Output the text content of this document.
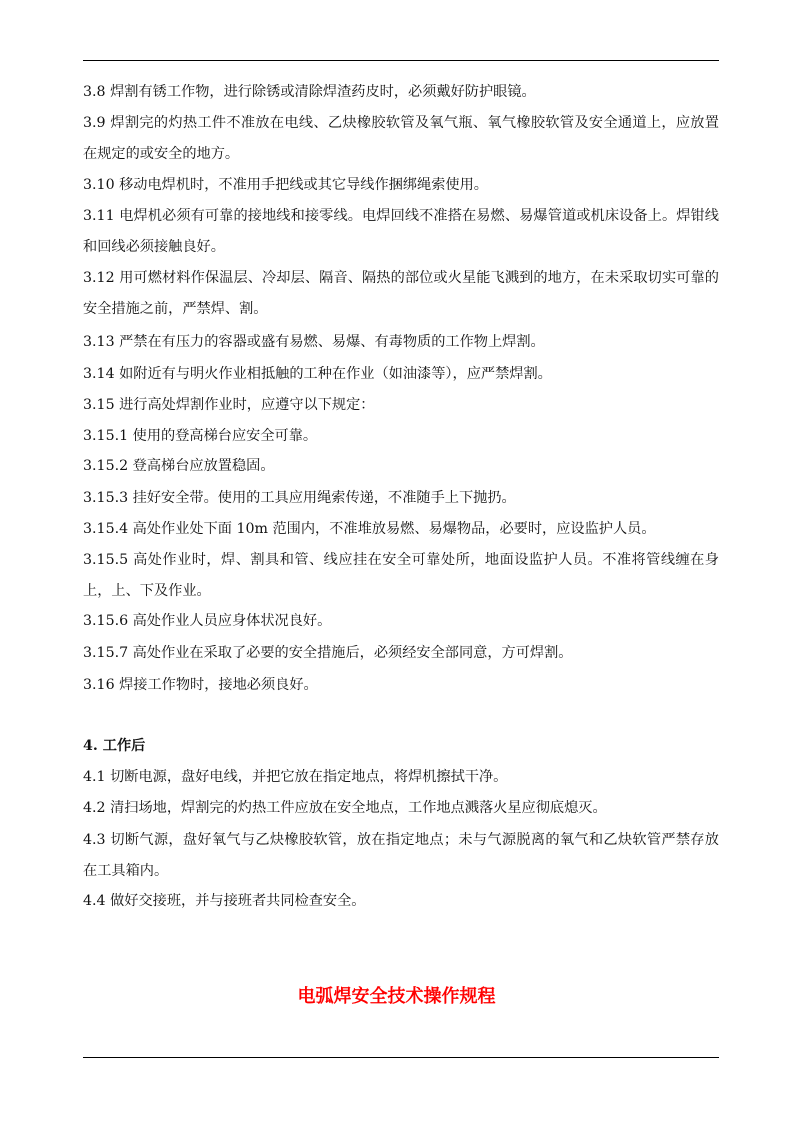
3.8 焊割有锈工作物，进行除锈或清除焊渣药皮时，必须戴好防护眼镜。
3.9 焊割完的灼热工件不准放在电线、乙炔橡胶软管及氧气瓶、氧气橡胶软管及安全通道上，应放置在规定的或安全的地方。
3.10 移动电焊机时，不准用手把线或其它导线作捆绑绳索使用。
3.11 电焊机必须有可靠的接地线和接零线。电焊回线不准搭在易燃、易爆管道或机床设备上。焊钳线和回线必须接触良好。
3.12 用可燃材料作保温层、冷却层、隔音、隔热的部位或火星能飞溅到的地方，在未采取切实可靠的安全措施之前，严禁焊、割。
3.13 严禁在有压力的容器或盛有易燃、易爆、有毒物质的工作物上焊割。
3.14 如附近有与明火作业相抵触的工种在作业（如油漆等），应严禁焊割。
3.15 进行高处焊割作业时，应遵守以下规定：
3.15.1 使用的登高梯台应安全可靠。
3.15.2 登高梯台应放置稳固。
3.15.3 挂好安全带。使用的工具应用绳索传递，不准随手上下抛扔。
3.15.4 高处作业处下面 10m 范围内，不准堆放易燃、易爆物品，必要时，应设监护人员。
3.15.5 高处作业时，焊、割具和管、线应挂在安全可靠处所，地面设监护人员。不准将管线缠在身上，上、下及作业。
3.15.6 高处作业人员应身体状况良好。
3.15.7 高处作业在采取了必要的安全措施后，必须经安全部同意，方可焊割。
3.16 焊接工作物时，接地必须良好。
4. 工作后
4.1 切断电源，盘好电线，并把它放在指定地点，将焊机擦拭干净。
4.2 清扫场地，焊割完的灼热工件应放在安全地点，工作地点溅落火星应彻底熄灭。
4.3 切断气源，盘好氧气与乙炔橡胶软管，放在指定地点；未与气源脱离的氧气和乙炔软管严禁存放在工具箱内。
4.4 做好交接班，并与接班者共同检查安全。
电弧焊安全技术操作规程
